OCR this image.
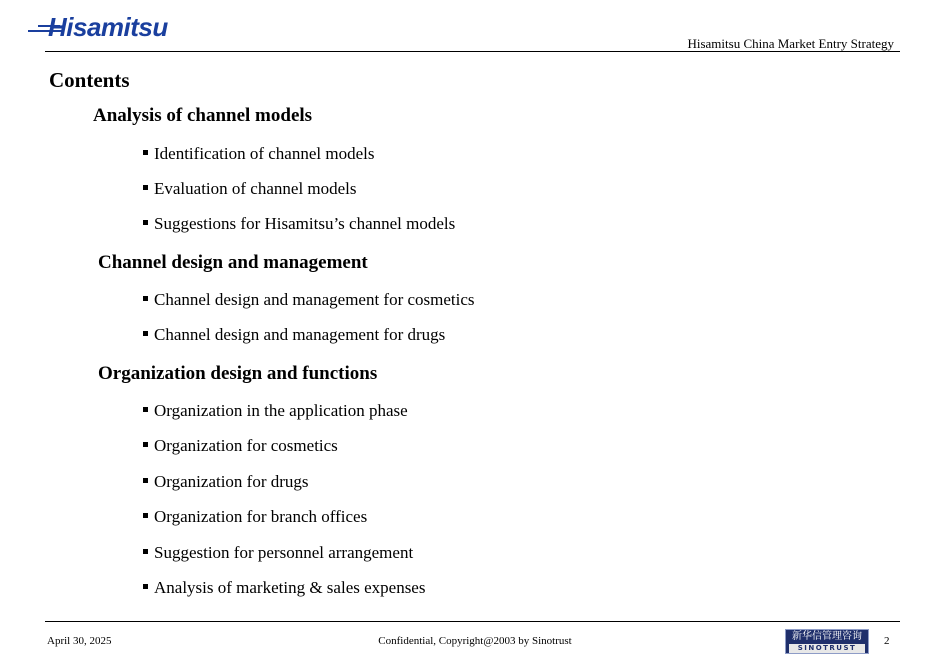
Hisamitsu
Hisamitsu China Market Entry Strategy
Contents
Analysis of channel models
Identification of channel models
Evaluation of channel models
Suggestions for Hisamitsu’s channel models
Channel design and management
Channel design and management for cosmetics
Channel design and management for drugs
Organization design and functions
Organization in the application phase
Organization for cosmetics
Organization for drugs
Organization for branch offices
Suggestion for personnel arrangement
Analysis of marketing & sales expenses
April 30, 2025	Confidential, Copyright@2003 by Sinotrust	新华信管理咨询
SINOTRUST
2
